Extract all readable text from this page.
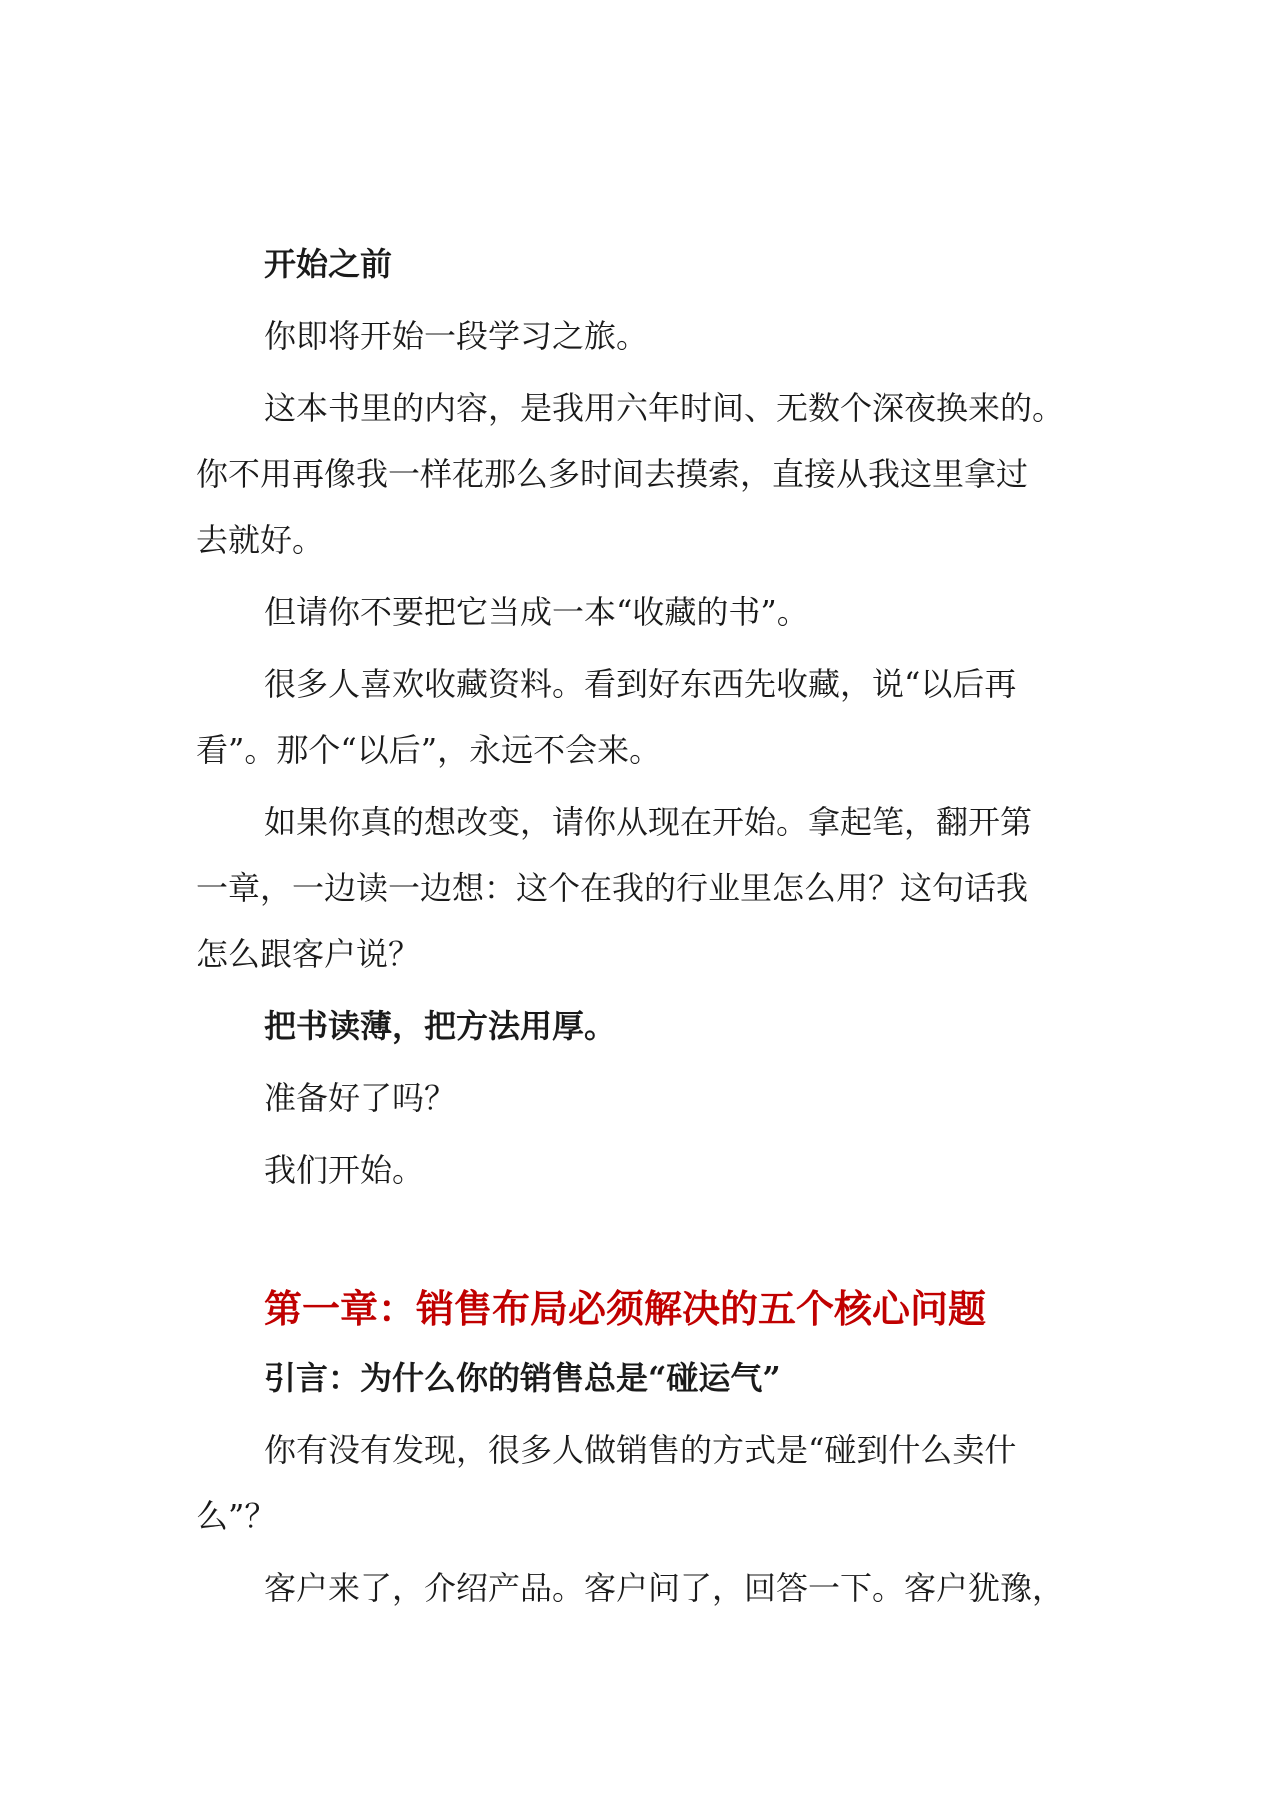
开始之前

你即将开始一段学习之旅。

这本书里的内容，是我用六年时间、无数个深夜换来的。

你不用再像我一样花那么多时间去摸索，直接从我这里拿过

去就好。

但请你不要把它当成一本“收藏的书”。

很多人喜欢收藏资料。看到好东西先收藏，说“以后再

看”。那个“以后”，永远不会来。

如果你真的想改变，请你从现在开始。拿起笔，翻开第

一章，一边读一边想：这个在我的行业里怎么用？这句话我

怎么跟客户说？

把书读薄，把方法用厚。

准备好了吗？

我们开始。

第一章：销售布局必须解决的五个核心问题

引言：为什么你的销售总是“碰运气”

你有没有发现，很多人做销售的方式是“碰到什么卖什

么”？

客户来了，介绍产品。客户问了，回答一下。客户犹豫，
